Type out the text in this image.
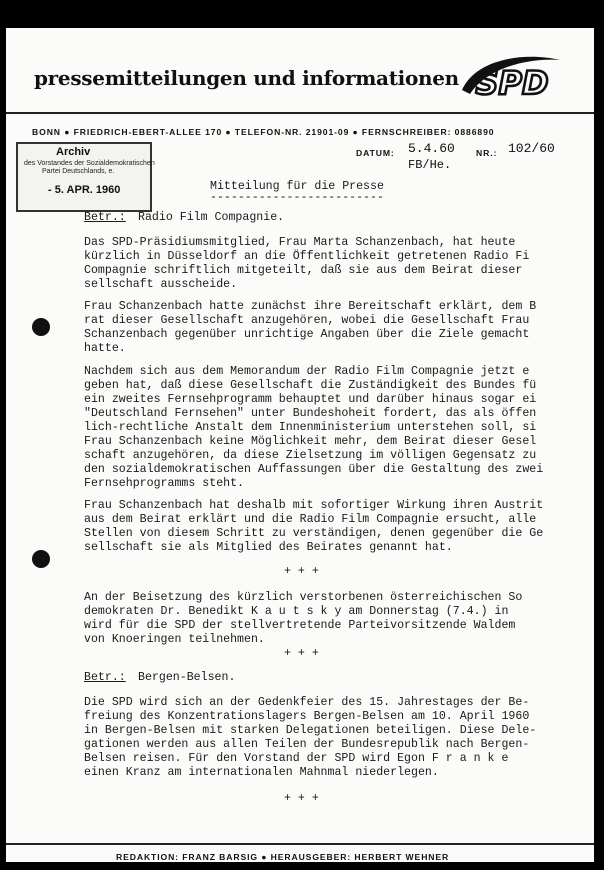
pressemitteilungen und informationen SPD
BONN ● FRIEDRICH-EBERT-ALLEE 170 ● TELEFON-NR. 21901-09 ● FERNSCHREIBER: 0886890
Archiv
des Vorstandes der Sozialdemokratischen
Partei Deutschlands, e.
- 5. APR. 1960
DATUM: 5.4.60 NR.: 102/60
FB/He.
Mitteilung für die Presse
-------------------------
Betr.: Radio Film Compagnie.
Das SPD-Präsidiumsmitglied, Frau Marta Schanzenbach, hat heute
kürzlich in Düsseldorf an die Öffentlichkeit getretenen Radio Fi
Compagnie schriftlich mitgeteilt, daß sie aus dem Beirat dieser
sellschaft ausscheide.
Frau Schanzenbach hatte zunächst ihre Bereitschaft erklärt, dem B
rat dieser Gesellschaft anzugehören, wobei die Gesellschaft Frau
Schanzenbach gegenüber unrichtige Angaben über die Ziele gemacht
hatte.
Nachdem sich aus dem Memorandum der Radio Film Compagnie jetzt e
geben hat, daß diese Gesellschaft die Zuständigkeit des Bundes fü
ein zweites Fernsehprogramm behauptet und darüber hinaus sogar ei
"Deutschland Fernsehen" unter Bundeshoheit fordert, das als öffen
lich-rechtliche Anstalt dem Innenministerium unterstehen soll, si
Frau Schanzenbach keine Möglichkeit mehr, dem Beirat dieser Gesel
schaft anzugehören, da diese Zielsetzung im völligen Gegensatz zu
den sozialdemokratischen Auffassungen über die Gestaltung des zwei
Fernsehprogramms steht.
Frau Schanzenbach hat deshalb mit sofortiger Wirkung ihren Austrit
aus dem Beirat erklärt und die Radio Film Compagnie ersucht, alle
Stellen von diesem Schritt zu verständigen, denen gegenüber die Ge
sellschaft sie als Mitglied des Beirates genannt hat.
+ + +
An der Beisetzung des kürzlich verstorbenen österreichischen So
demokraten Dr. Benedikt K a u t s k y am Donnerstag (7.4.) in
wird für die SPD der stellvertretende Parteivorsitzende Waldem
von Knoeringen teilnehmen.
+ + +
Betr.: Bergen-Belsen.
Die SPD wird sich an der Gedenkfeier des 15. Jahrestages der Be-
freiung des Konzentrationslagers Bergen-Belsen am 10. April 1960
in Bergen-Belsen mit starken Delegationen beteiligen. Diese Dele-
gationen werden aus allen Teilen der Bundesrepublik nach Bergen-
Belsen reisen. Für den Vorstand der SPD wird Egon F r a n k e
einen Kranz am internationalen Mahnmal niederlegen.
+ + +
REDAKTION: FRANZ BARSIG ● HERAUSGEBER: HERBERT WEHNER
